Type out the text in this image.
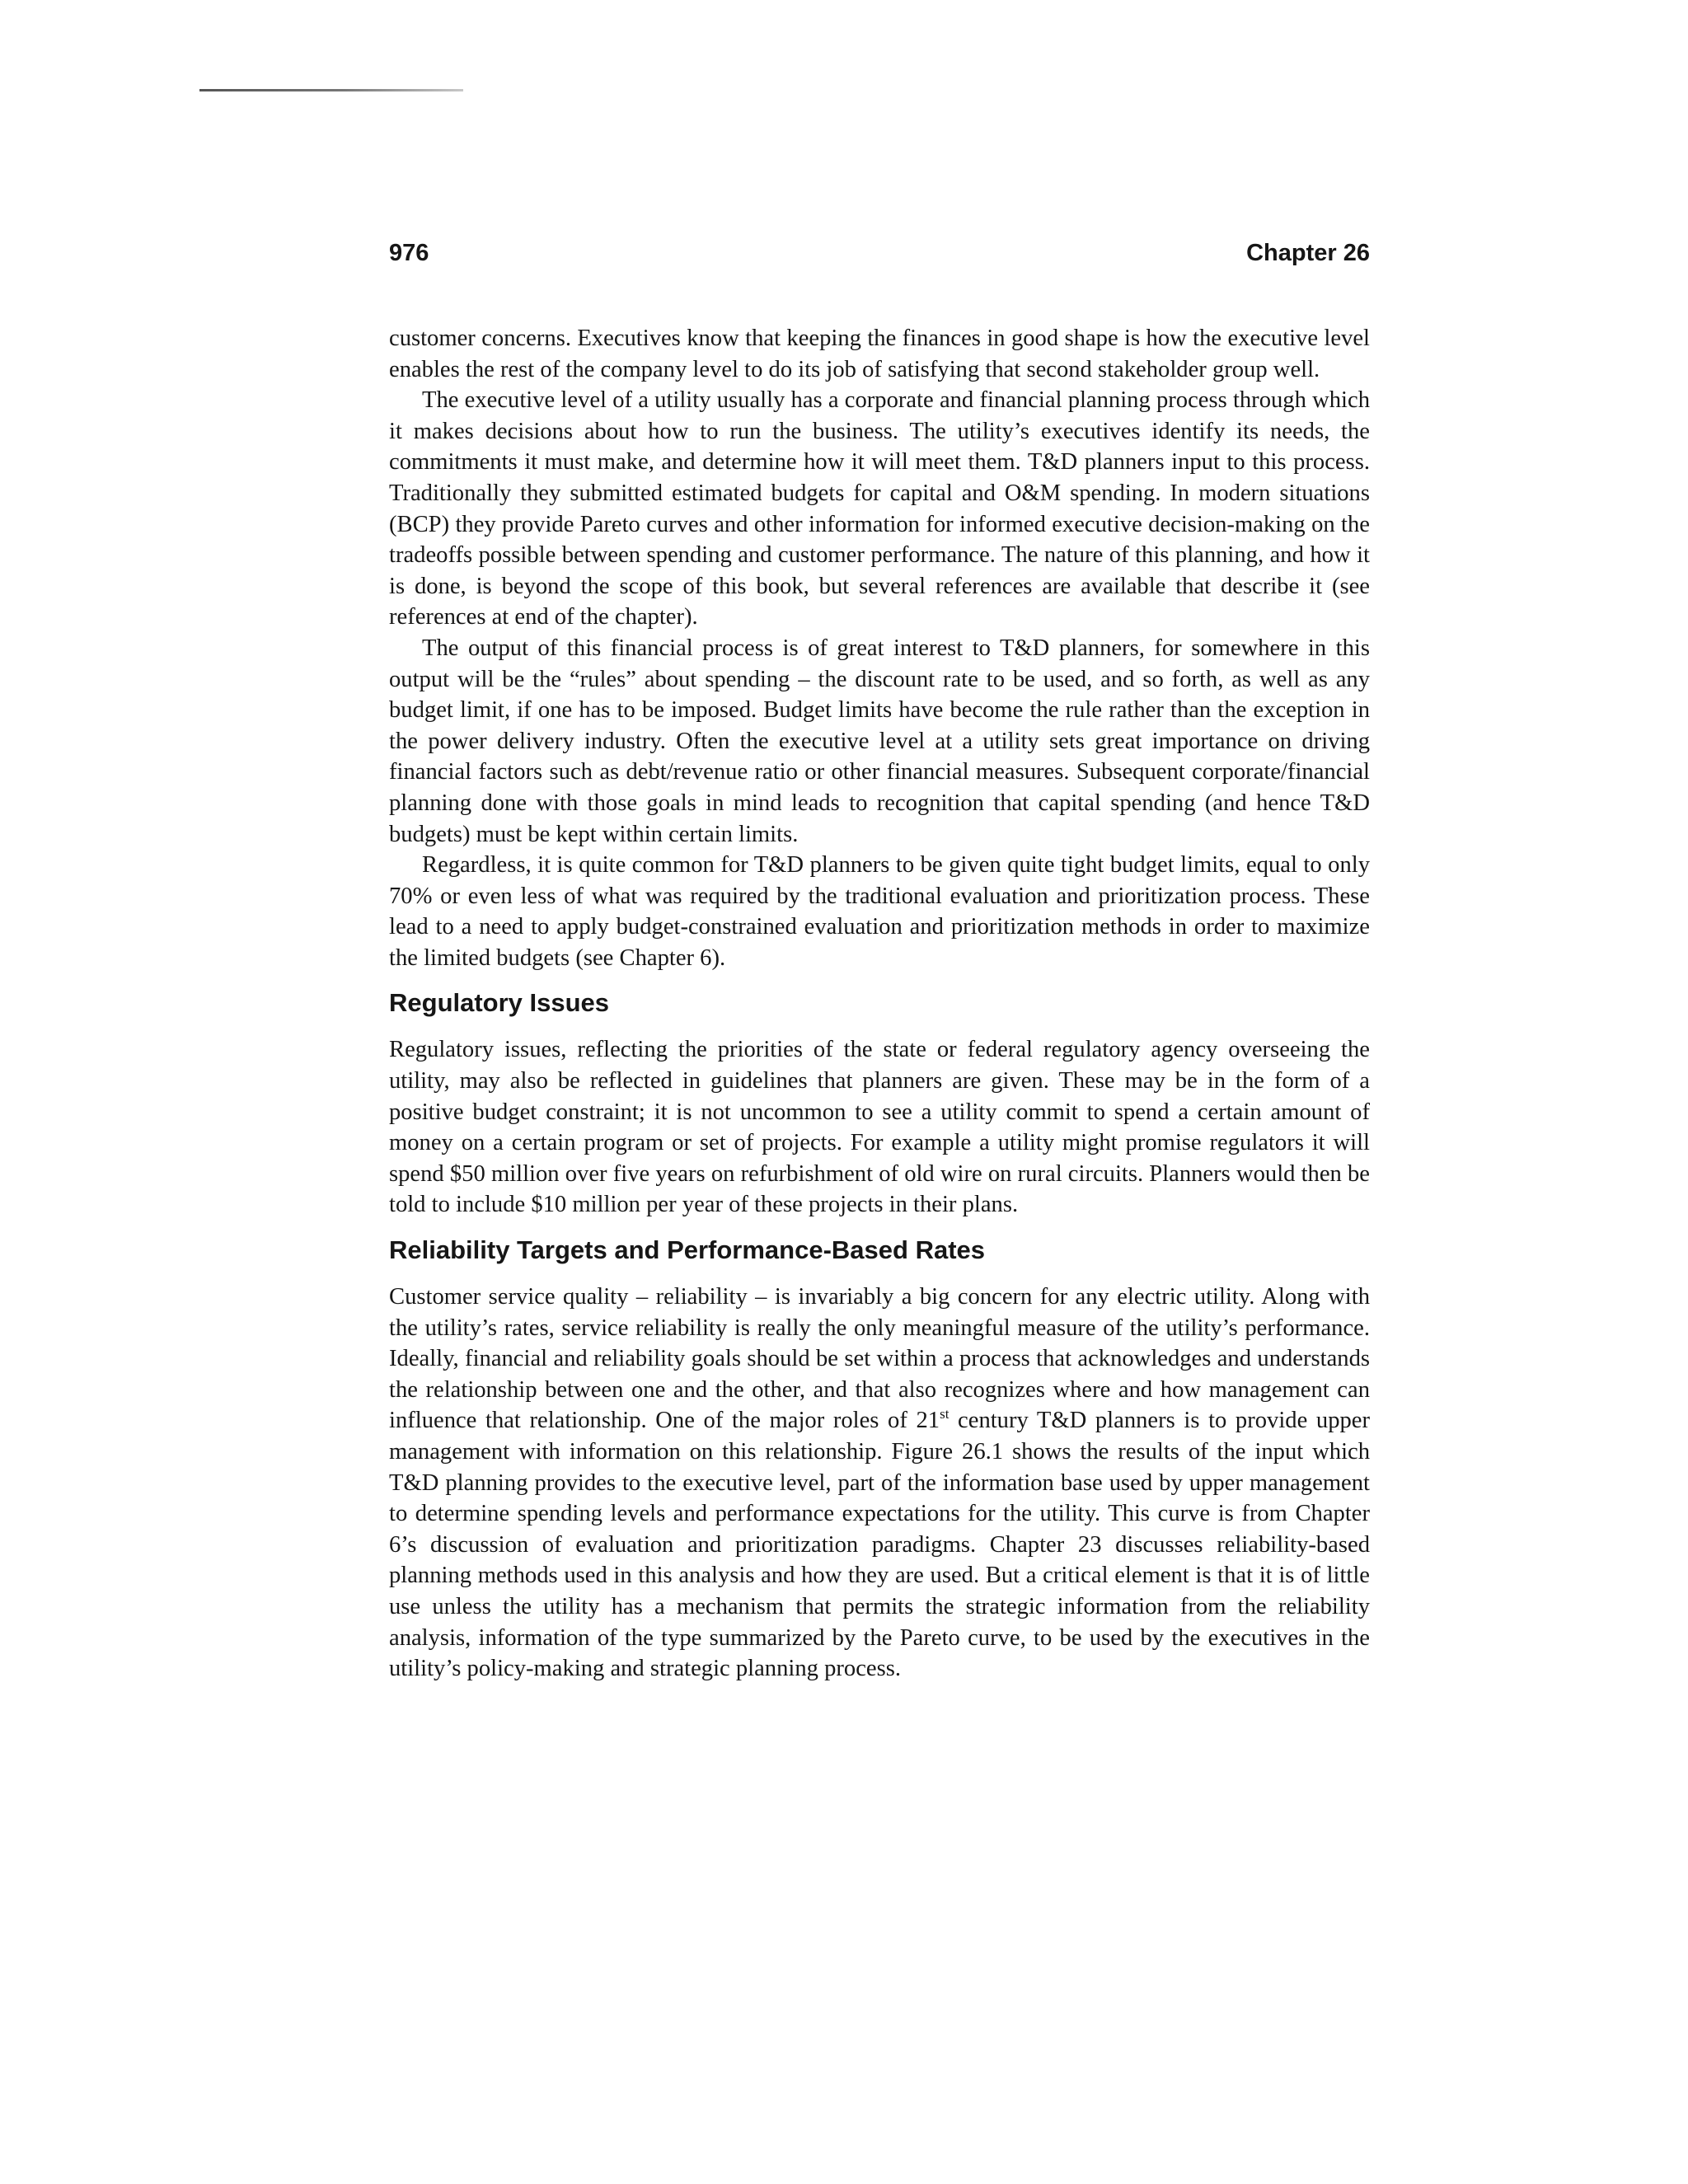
976	Chapter 26

customer concerns. Executives know that keeping the finances in good shape is how the executive level enables the rest of the company level to do its job of satisfying that second stakeholder group well.

The executive level of a utility usually has a corporate and financial planning process through which it makes decisions about how to run the business. The utility’s executives identify its needs, the commitments it must make, and determine how it will meet them. T&D planners input to this process. Traditionally they submitted estimated budgets for capital and O&M spending. In modern situations (BCP) they provide Pareto curves and other information for informed executive decision-making on the tradeoffs possible between spending and customer performance. The nature of this planning, and how it is done, is beyond the scope of this book, but several references are available that describe it (see references at end of the chapter).

The output of this financial process is of great interest to T&D planners, for somewhere in this output will be the “rules” about spending – the discount rate to be used, and so forth, as well as any budget limit, if one has to be imposed. Budget limits have become the rule rather than the exception in the power delivery industry. Often the executive level at a utility sets great importance on driving financial factors such as debt/revenue ratio or other financial measures. Subsequent corporate/financial planning done with those goals in mind leads to recognition that capital spending (and hence T&D budgets) must be kept within certain limits.

Regardless, it is quite common for T&D planners to be given quite tight budget limits, equal to only 70% or even less of what was required by the traditional evaluation and prioritization process. These lead to a need to apply budget-constrained evaluation and prioritization methods in order to maximize the limited budgets (see Chapter 6).

Regulatory Issues

Regulatory issues, reflecting the priorities of the state or federal regulatory agency overseeing the utility, may also be reflected in guidelines that planners are given. These may be in the form of a positive budget constraint; it is not uncommon to see a utility commit to spend a certain amount of money on a certain program or set of projects. For example a utility might promise regulators it will spend $50 million over five years on refurbishment of old wire on rural circuits. Planners would then be told to include $10 million per year of these projects in their plans.

Reliability Targets and Performance-Based Rates

Customer service quality – reliability – is invariably a big concern for any electric utility. Along with the utility’s rates, service reliability is really the only meaningful measure of the utility’s performance. Ideally, financial and reliability goals should be set within a process that acknowledges and understands the relationship between one and the other, and that also recognizes where and how management can influence that relationship. One of the major roles of 21st century T&D planners is to provide upper management with information on this relationship. Figure 26.1 shows the results of the input which T&D planning provides to the executive level, part of the information base used by upper management to determine spending levels and performance expectations for the utility. This curve is from Chapter 6’s discussion of evaluation and prioritization paradigms. Chapter 23 discusses reliability-based planning methods used in this analysis and how they are used. But a critical element is that it is of little use unless the utility has a mechanism that permits the strategic information from the reliability analysis, information of the type summarized by the Pareto curve, to be used by the executives in the utility’s policy-making and strategic planning process.
